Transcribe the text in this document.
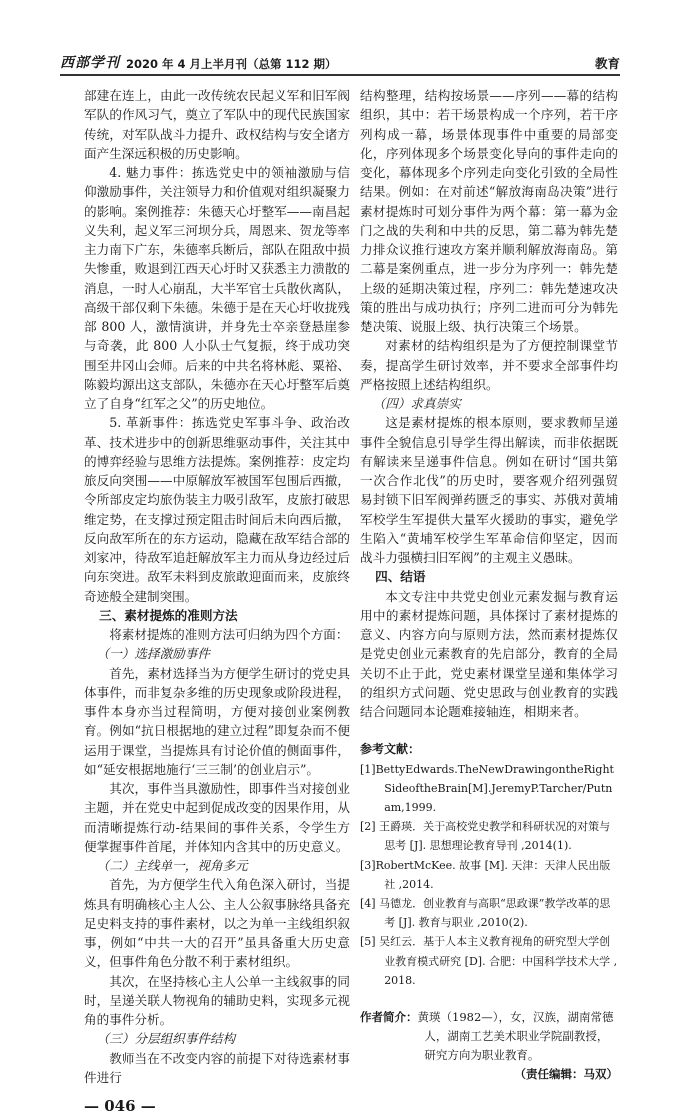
西部学刊 2020 年 4 月上半月刊（总第 112 期）	教育

部建在连上，由此一改传统农民起义军和旧军阀军队的作风习气，奠立了军队中的现代民族国家传统，对军队战斗力提升、政权结构与安全诸方面产生深远积极的历史影响。

4. 魅力事件：拣选党史中的领袖激励与信仰激励事件，关注领导力和价值观对组织凝聚力的影响。案例推荐：朱德天心圩整军——南昌起义失利，起义军三河坝分兵，周恩来、贺龙等率主力南下广东，朱德率兵断后，部队在阻敌中损失惨重，败退到江西天心圩时又获悉主力溃散的消息，一时人心崩乱，大半军官士兵散伙离队，高级干部仅剩下朱德。朱德于是在天心圩收拢残部 800 人，激情演讲，并身先士卒亲登悬崖参与奇袭，此 800 人小队士气复振，终于成功突围至井冈山会师。后来的中共名将林彪、粟裕、陈毅均源出这支部队，朱德亦在天心圩整军后奠立了自身“红军之父”的历史地位。

5. 革新事件：拣选党史军事斗争、政治改革、技术进步中的创新思维驱动事件，关注其中的博弈经验与思维方法提炼。案例推荐：皮定均旅反向突围——中原解放军被国军包围后西撤，令所部皮定均旅伪装主力吸引敌军，皮旅打破思维定势，在支撑过预定阻击时间后未向西后撤，反向敌军所在的东方运动，隐藏在敌军结合部的刘家冲，待敌军追赶解放军主力而从身边经过后向东突进。敌军未料到皮旅敢迎面而来，皮旅终奇迹般全建制突围。

三、素材提炼的准则方法

将素材提炼的准则方法可归纳为四个方面：

（一）选择激励事件

首先，素材选择当为方便学生研讨的党史具体事件，而非复杂多维的历史现象或阶段进程，事件本身亦当过程简明，方便对接创业案例教育。例如“抗日根据地的建立过程”即复杂而不便运用于课堂，当提炼具有讨论价值的侧面事件，如“延安根据地施行‘三三制’的创业启示”。

其次，事件当具激励性，即事件当对接创业主题，并在党史中起到促成改变的因果作用，从而清晰提炼行动-结果间的事件关系，令学生方便掌握事件首尾，并体知内含其中的历史意义。

（二）主线单一，视角多元

首先，为方便学生代入角色深入研讨，当提炼具有明确核心主人公、主人公叙事脉络具备充足史料支持的事件素材，以之为单一主线组织叙事，例如“中共一大的召开”虽具备重大历史意义，但事件角色分散不利于素材组织。

其次，在坚持核心主人公单一主线叙事的同时，呈递关联人物视角的辅助史料，实现多元视角的事件分析。

（三）分层组织事件结构

教师当在不改变内容的前提下对待选素材事件进行

— 046 —

结构整理，结构按场景——序列——幕的结构组织，其中：若干场景构成一个序列，若干序列构成一幕，场景体现事件中重要的局部变化，序列体现多个场景变化导向的事件走向的变化，幕体现多个序列走向变化引致的全局性结果。例如：在对前述“解放海南岛决策”进行素材提炼时可划分事件为两个幕：第一幕为金门之战的失利和中共的反思，第二幕为韩先楚力排众议推行速攻方案并顺利解放海南岛。第二幕是案例重点，进一步分为序列一：韩先楚上级的延期决策过程，序列二：韩先楚速攻决策的胜出与成功执行；序列二进而可分为韩先楚决策、说服上级、执行决策三个场景。

对素材的结构组织是为了方便控制课堂节奏，提高学生研讨效率，并不要求全部事件均严格按照上述结构组织。

（四）求真崇实

这是素材提炼的根本原则，要求教师呈递事件全貌信息引导学生得出解读，而非依据既有解读来呈递事件信息。例如在研讨“国共第一次合作北伐”的历史时，要客观介绍列强贸易封锁下旧军阀弹药匮乏的事实、苏俄对黄埔军校学生军提供大量军火援助的事实，避免学生陷入“黄埔军校学生军革命信仰坚定，因而战斗力强横扫旧军阀”的主观主义愚昧。

四、结语

本文专注中共党史创业元素发掘与教育运用中的素材提炼问题，具体探讨了素材提炼的意义、内容方向与原则方法，然而素材提炼仅是党史创业元素教育的先启部分，教育的全局关切不止于此，党史素材课堂呈递和集体学习的组织方式问题、党史思政与创业教育的实践结合问题同本论题难接轴连，相期来者。

参考文献：

[1]BettyEdwards.TheNewDrawingontheRightSideoftheBrain[M].JeremyP.Tarcher/Putnam,1999.

[2] 王爵瑛．关于高校党史教学和科研状况的对策与思考 [J]. 思想理论教育导刊 ,2014(1).

[3]RobertMcKee. 故事 [M]. 天津：天津人民出版社 ,2014.

[4] 马德龙．创业教育与高职“思政课”教学改革的思考 [J]. 教育与职业 ,2010(2).

[5] 吴红云．基于人本主义教育视角的研究型大学创业教育模式研究 [D]. 合肥：中国科学技术大学 ,2018.

作者简介：黄瑛（1982—），女，汉族，湖南常德人，湖南工艺美术职业学院副教授，研究方向为职业教育。

（责任编辑：马双）
